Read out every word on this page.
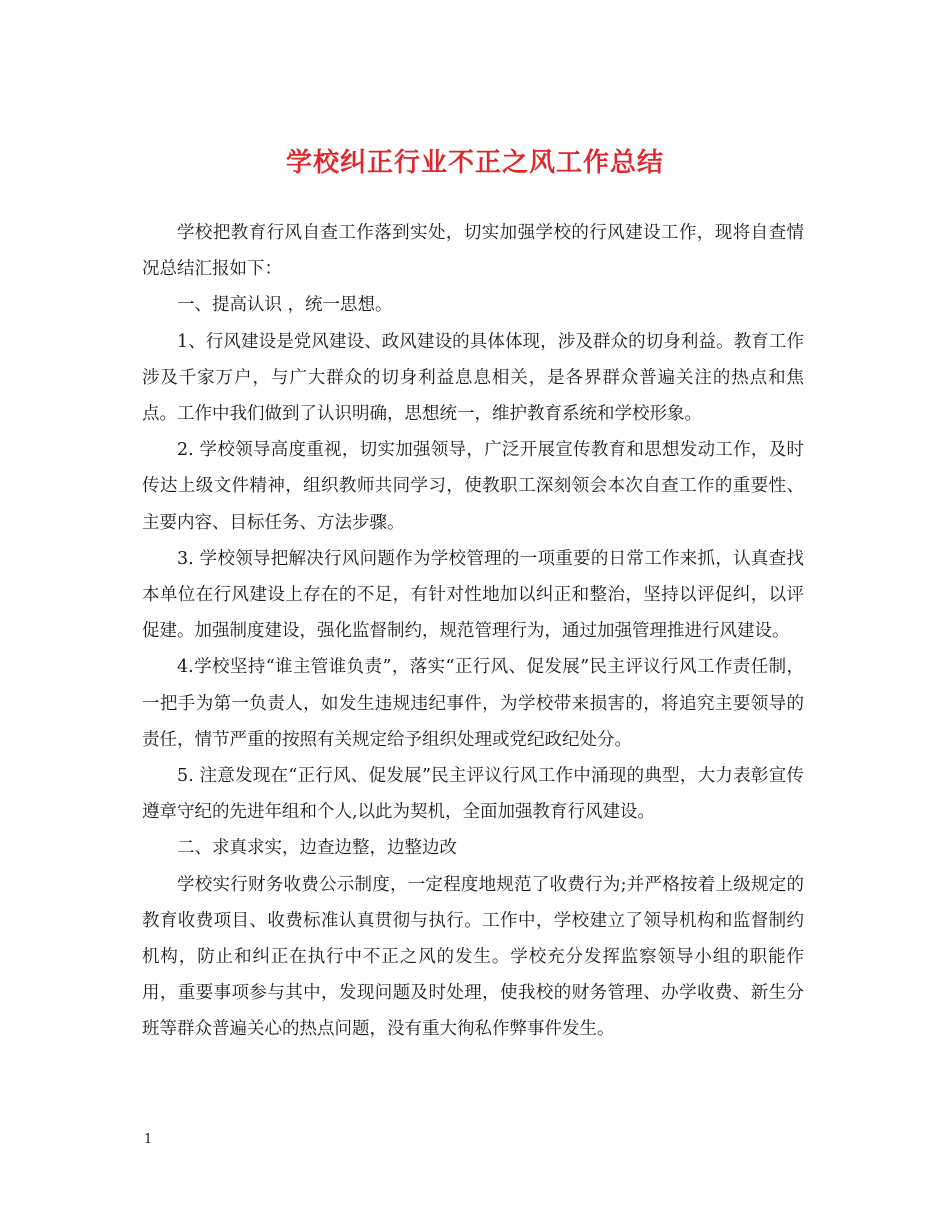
学校纠正行业不正之风工作总结

学校把教育行风自查工作落到实处，切实加强学校的行风建设工作，现将自查情况总结汇报如下：

一、提高认识 ，统一思想。

1、行风建设是党风建设、政风建设的具体体现，涉及群众的切身利益。教育工作涉及千家万户，与广大群众的切身利益息息相关，是各界群众普遍关注的热点和焦点。工作中我们做到了认识明确，思想统一，维护教育系统和学校形象。

2. 学校领导高度重视，切实加强领导，广泛开展宣传教育和思想发动工作，及时传达上级文件精神，组织教师共同学习，使教职工深刻领会本次自查工作的重要性、主要内容、目标任务、方法步骤。

3. 学校领导把解决行风问题作为学校管理的一项重要的日常工作来抓，认真查找本单位在行风建设上存在的不足，有针对性地加以纠正和整治，坚持以评促纠，以评促建。加强制度建设，强化监督制约，规范管理行为，通过加强管理推进行风建设。

4.学校坚持“谁主管谁负责”，落实“正行风、促发展”民主评议行风工作责任制，一把手为第一负责人，如发生违规违纪事件，为学校带来损害的，将追究主要领导的责任，情节严重的按照有关规定给予组织处理或党纪政纪处分。

5. 注意发现在“正行风、促发展”民主评议行风工作中涌现的典型，大力表彰宣传遵章守纪的先进年组和个人,以此为契机，全面加强教育行风建设。

二、求真求实，边查边整，边整边改

学校实行财务收费公示制度，一定程度地规范了收费行为;并严格按着上级规定的教育收费项目、收费标准认真贯彻与执行。工作中，学校建立了领导机构和监督制约机构，防止和纠正在执行中不正之风的发生。学校充分发挥监察领导小组的职能作用，重要事项参与其中，发现问题及时处理，使我校的财务管理、办学收费、新生分班等群众普遍关心的热点问题，没有重大徇私作弊事件发生。

1
